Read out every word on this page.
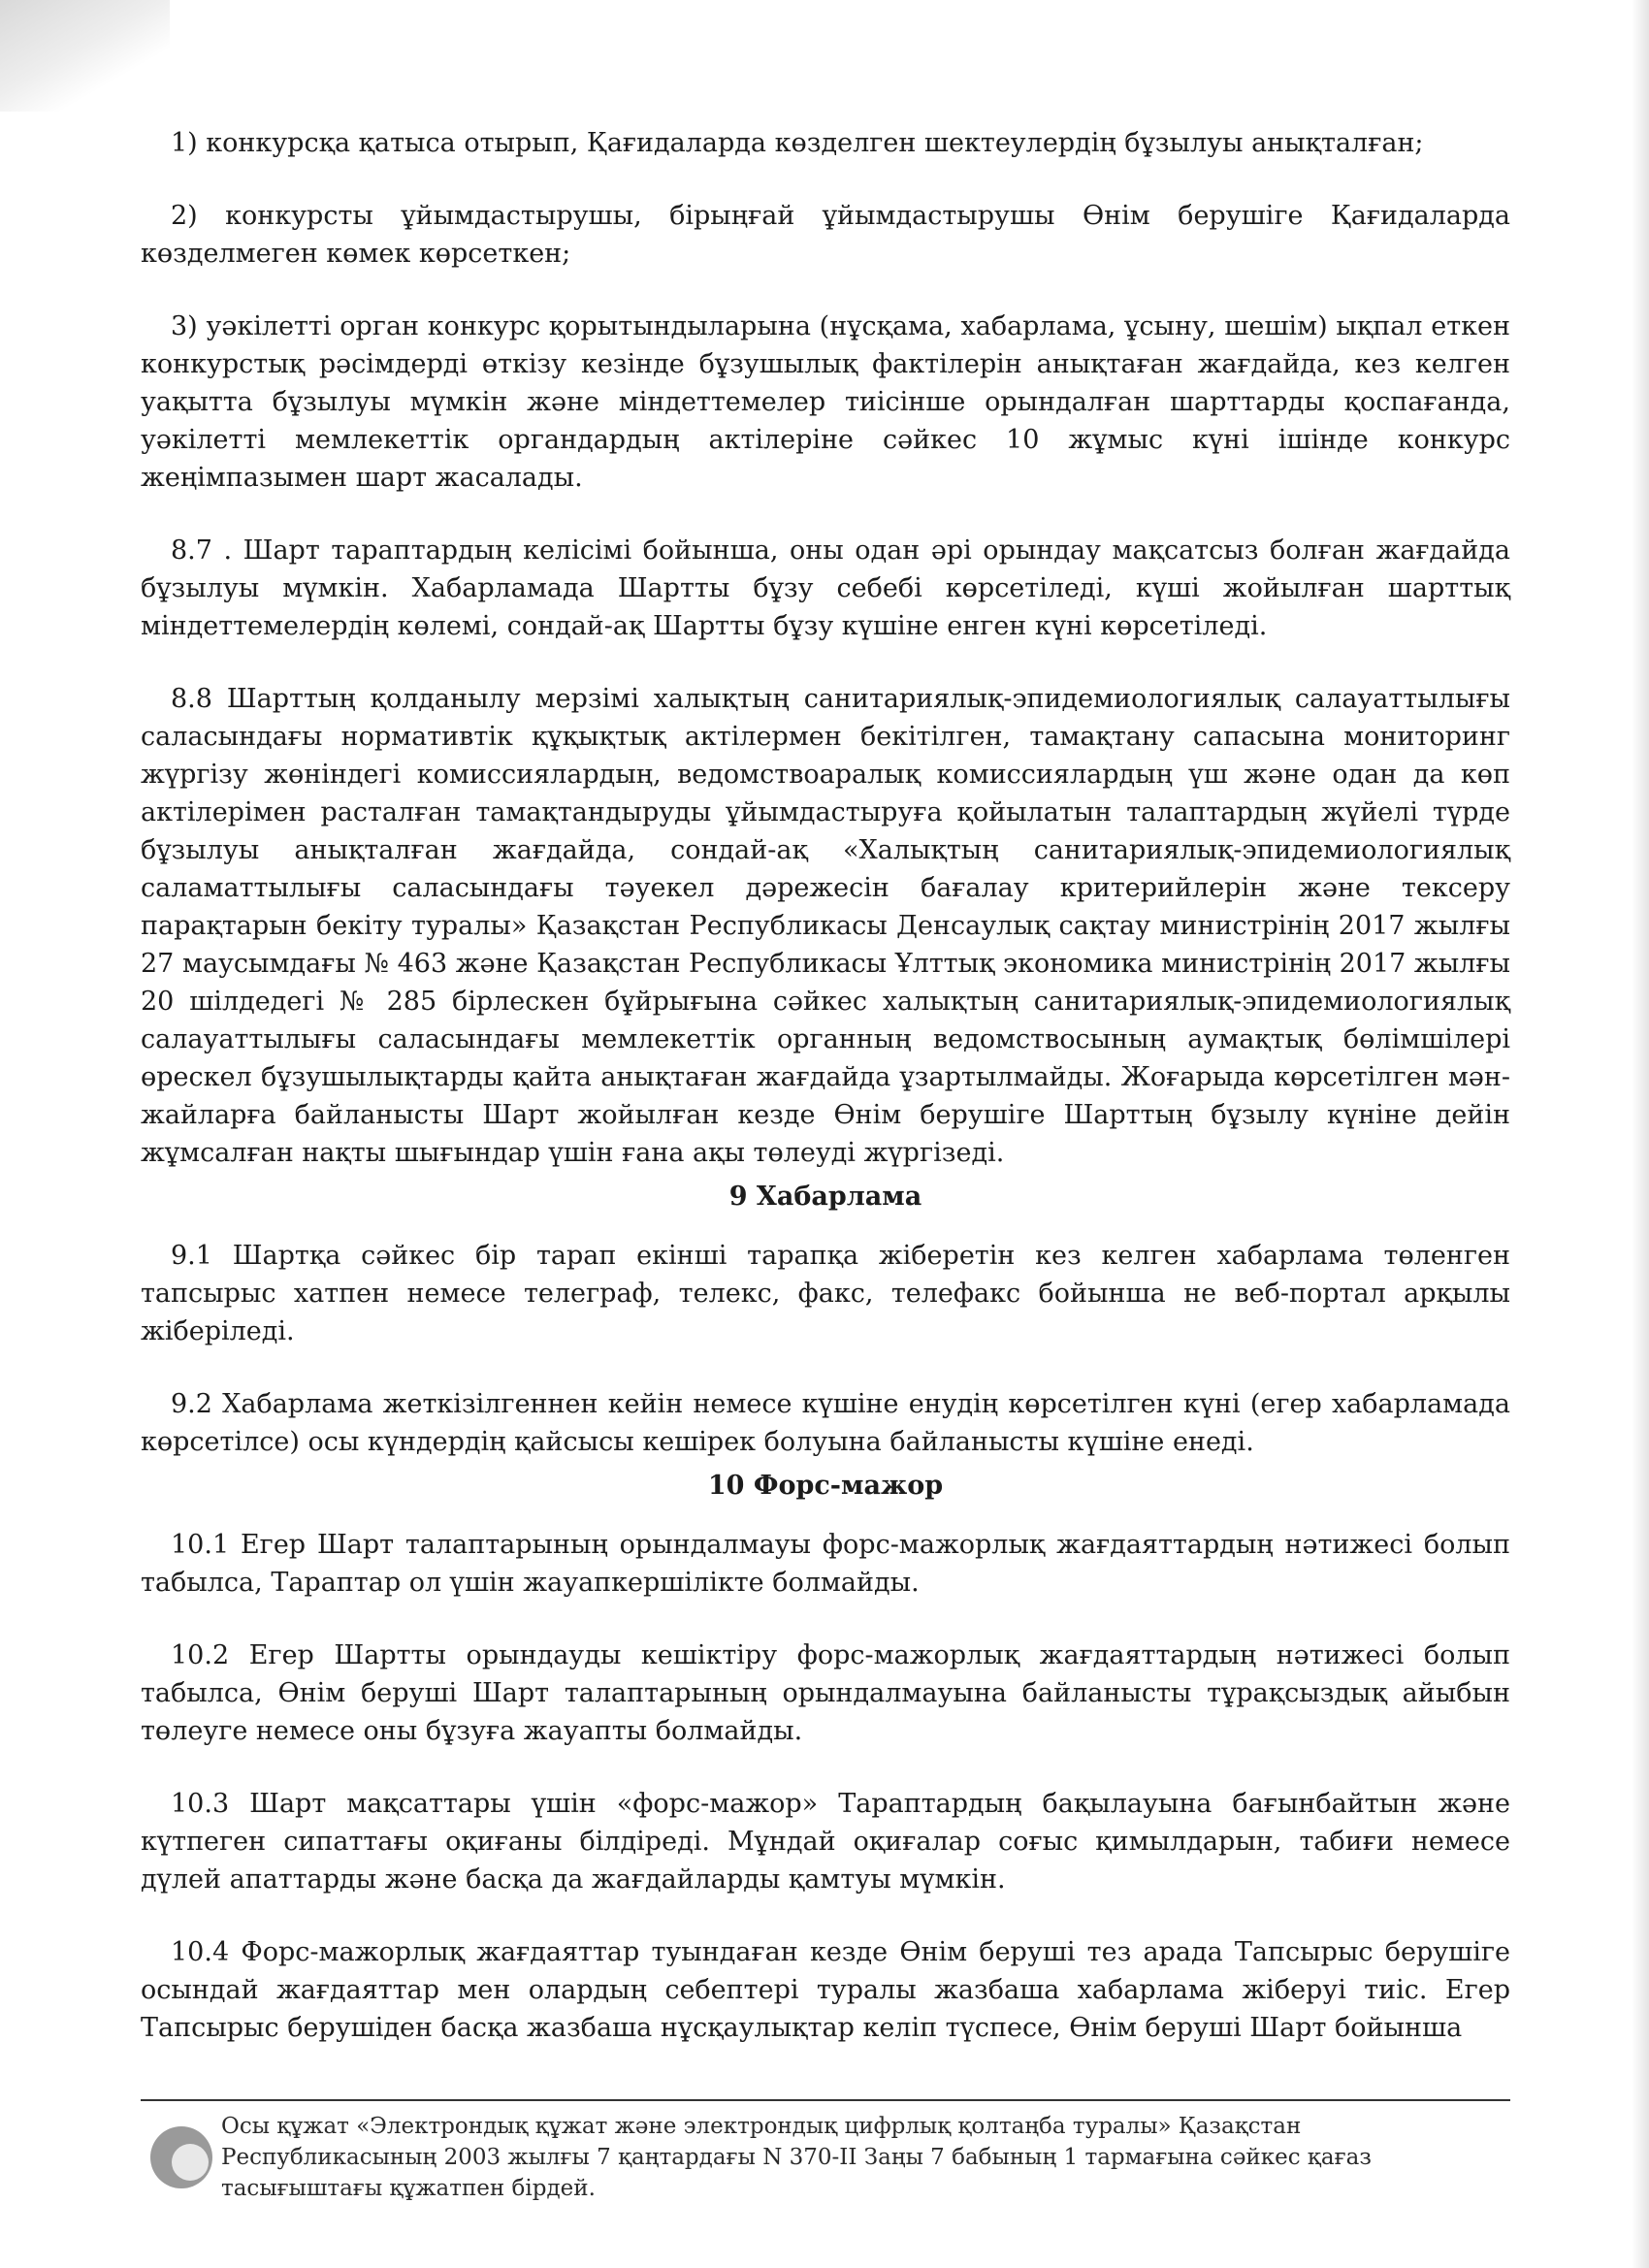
1) конкурсқа қатыса отырып, Қағидаларда көзделген шектеулердің бұзылуы анықталған;

2) конкурсты ұйымдастырушы, бірыңғай ұйымдастырушы Өнім берушіге Қағидаларда көзделмеген көмек көрсеткен;

3) уәкілетті орган конкурс қорытындыларына (нұсқама, хабарлама, ұсыну, шешім) ықпал еткен конкурстық рәсімдерді өткізу кезінде бұзушылық фактілерін анықтаған жағдайда, кез келген уақытта бұзылуы мүмкін және міндеттемелер тиісінше орындалған шарттарды қоспағанда, уәкілетті мемлекеттік органдардың актілеріне сәйкес 10 жұмыс күні ішінде конкурс жеңімпазымен шарт жасалады.

8.7 . Шарт тараптардың келісімі бойынша, оны одан әрі орындау мақсатсыз болған жағдайда бұзылуы мүмкін. Хабарламада Шартты бұзу себебі көрсетіледі, күші жойылған шарттық міндеттемелердің көлемі, сондай-ақ Шартты бұзу күшіне енген күні көрсетіледі.

8.8 Шарттың қолданылу мерзімі халықтың санитариялық-эпидемиологиялық салауаттылығы саласындағы нормативтік құқықтық актілермен бекітілген, тамақтану сапасына мониторинг жүргізу жөніндегі комиссиялардың, ведомствоаралық комиссиялардың үш және одан да көп актілерімен расталған тамақтандыруды ұйымдастыруға қойылатын талаптардың жүйелі түрде бұзылуы анықталған жағдайда, сондай-ақ «Халықтың санитариялық-эпидемиологиялық саламаттылығы саласындағы тәуекел дәрежесін бағалау критерийлерін және тексеру парақтарын бекіту туралы» Қазақстан Республикасы Денсаулық сақтау министрінің 2017 жылғы 27 маусымдағы № 463 және Қазақстан Республикасы Ұлттық экономика министрінің 2017 жылғы 20 шілдедегі № 285 бірлескен бұйрығына сәйкес халықтың санитариялық-эпидемиологиялық салауаттылығы саласындағы мемлекеттік органның ведомствосының аумақтық бөлімшілері өрескел бұзушылықтарды қайта анықтаған жағдайда ұзартылмайды. Жоғарыда көрсетілген мән-жайларға байланысты Шарт жойылған кезде Өнім берушіге Шарттың бұзылу күніне дейін жұмсалған нақты шығындар үшін ғана ақы төлеуді жүргізеді.

9 Хабарлама

9.1 Шартқа сәйкес бір тарап екінші тарапқа жіберетін кез келген хабарлама төленген тапсырыс хатпен немесе телеграф, телекс, факс, телефакс бойынша не веб-портал арқылы жіберіледі.

9.2 Хабарлама жеткізілгеннен кейін немесе күшіне енудің көрсетілген күні (егер хабарламада көрсетілсе) осы күндердің қайсысы кешірек болуына байланысты күшіне енеді.

10 Форс-мажор

10.1 Егер Шарт талаптарының орындалмауы форс-мажорлық жағдаяттардың нәтижесі болып табылса, Тараптар ол үшін жауапкершілікте болмайды.

10.2 Егер Шартты орындауды кешіктіру форс-мажорлық жағдаяттардың нәтижесі болып табылса, Өнім беруші Шарт талаптарының орындалмауына байланысты тұрақсыздық айыбын төлеуге немесе оны бұзуға жауапты болмайды.

10.3 Шарт мақсаттары үшін «форс-мажор» Тараптардың бақылауына бағынбайтын және күтпеген сипаттағы оқиғаны білдіреді. Мұндай оқиғалар соғыс қимылдарын, табиғи немесе дүлей апаттарды және басқа да жағдайларды қамтуы мүмкін.

10.4 Форс-мажорлық жағдаяттар туындаған кезде Өнім беруші тез арада Тапсырыс берушіге осындай жағдаяттар мен олардың себептері туралы жазбаша хабарлама жіберуі тиіс. Егер Тапсырыс берушіден басқа жазбаша нұсқаулықтар келіп түспесе, Өнім беруші Шарт бойынша

Осы құжат «Электрондық құжат және электрондық цифрлық қолтаңба туралы» Қазақстан
Республикасының 2003 жылғы 7 қаңтардағы N 370-II Заңы 7 бабының 1 тармағына сәйкес қағаз
тасығыштағы құжатпен бірдей.
